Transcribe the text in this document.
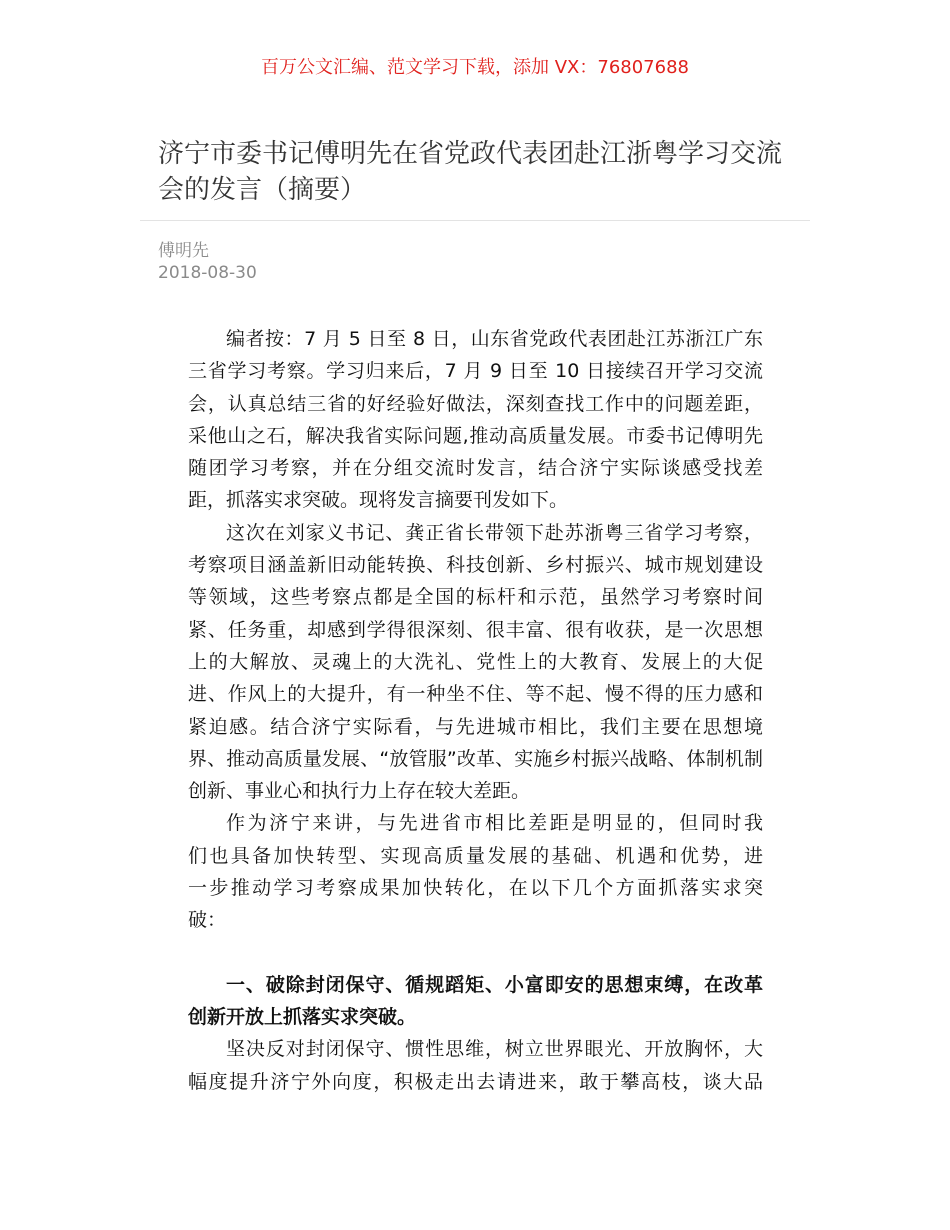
百万公文汇编、范文学习下载，添加 VX：76807688
济宁市委书记傅明先在省党政代表团赴江浙粤学习交流
会的发言（摘要）
傅明先
2018-08-30
编者按：7 月 5 日至 8 日，山东省党政代表团赴江苏浙江广东
三省学习考察。学习归来后，7 月 9 日至 10 日接续召开学习交流
会，认真总结三省的好经验好做法，深刻查找工作中的问题差距，
采他山之石，解决我省实际问题,推动高质量发展。市委书记傅明先
随团学习考察，并在分组交流时发言，结合济宁实际谈感受找差
距，抓落实求突破。现将发言摘要刊发如下。
这次在刘家义书记、龚正省长带领下赴苏浙粤三省学习考察，
考察项目涵盖新旧动能转换、科技创新、乡村振兴、城市规划建设
等领域，这些考察点都是全国的标杆和示范，虽然学习考察时间
紧、任务重，却感到学得很深刻、很丰富、很有收获，是一次思想
上的大解放、灵魂上的大洗礼、党性上的大教育、发展上的大促
进、作风上的大提升，有一种坐不住、等不起、慢不得的压力感和
紧迫感。结合济宁实际看，与先进城市相比，我们主要在思想境
界、推动高质量发展、“放管服”改革、实施乡村振兴战略、体制机制
创新、事业心和执行力上存在较大差距。
作为济宁来讲，与先进省市相比差距是明显的，但同时我
们也具备加快转型、实现高质量发展的基础、机遇和优势，进
一步推动学习考察成果加快转化，在以下几个方面抓落实求突
破：
一、破除封闭保守、循规蹈矩、小富即安的思想束缚，在改革
创新开放上抓落实求突破。
坚决反对封闭保守、惯性思维，树立世界眼光、开放胸怀，大
幅度提升济宁外向度，积极走出去请进来，敢于攀高枝，谈大品
